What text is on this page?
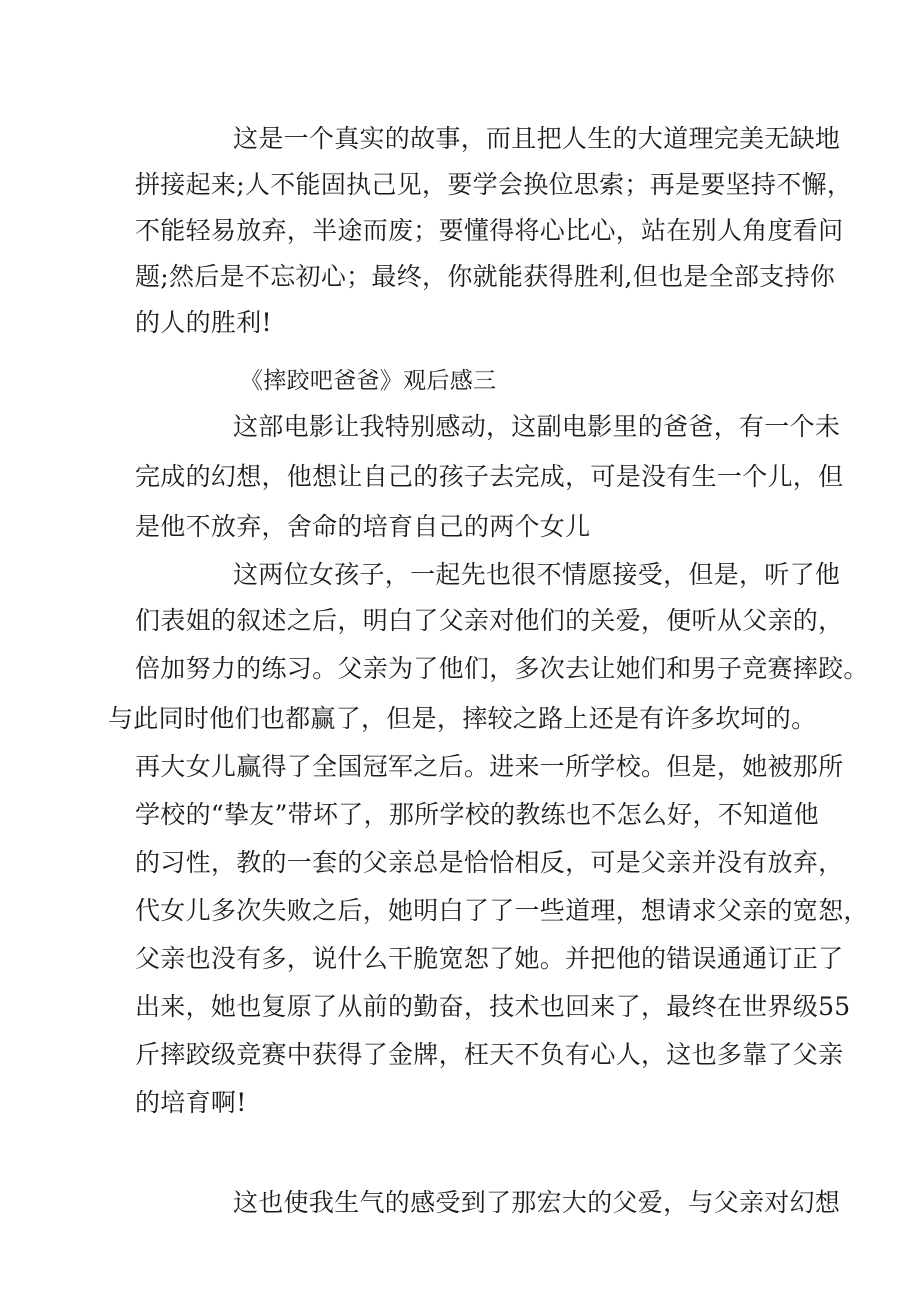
这是一个真实的故事，而且把人生的大道理完美无缺地
拼接起来;人不能固执己见，要学会换位思索；再是要坚持不懈，
不能轻易放弃，半途而废；要懂得将心比心，站在别人角度看问
题;然后是不忘初心；最终，你就能获得胜利,但也是全部支持你
的人的胜利!
《摔跤吧爸爸》观后感三
这部电影让我特别感动，这副电影里的爸爸，有一个未
完成的幻想，他想让自己的孩子去完成，可是没有生一个儿，但
是他不放弃，舍命的培育自己的两个女儿
这两位女孩子，一起先也很不情愿接受，但是，听了他
们表姐的叙述之后，明白了父亲对他们的关爱，便听从父亲的，
倍加努力的练习。父亲为了他们，多次去让她们和男子竞赛摔跤。
与此同时他们也都赢了，但是，摔较之路上还是有许多坎坷的。
再大女儿赢得了全国冠军之后。进来一所学校。但是，她被那所
学校的“挚友”带坏了，那所学校的教练也不怎么好，不知道他
的习性，教的一套的父亲总是恰恰相反，可是父亲并没有放弃，
代女儿多次失败之后，她明白了了一些道理，想请求父亲的宽恕，
父亲也没有多，说什么干脆宽恕了她。并把他的错误通通订正了
出来，她也复原了从前的勤奋，技术也回来了，最终在世界级55
斤摔跤级竞赛中获得了金牌，枉天不负有心人，这也多靠了父亲
的培育啊!
这也使我生气的感受到了那宏大的父爱，与父亲对幻想
